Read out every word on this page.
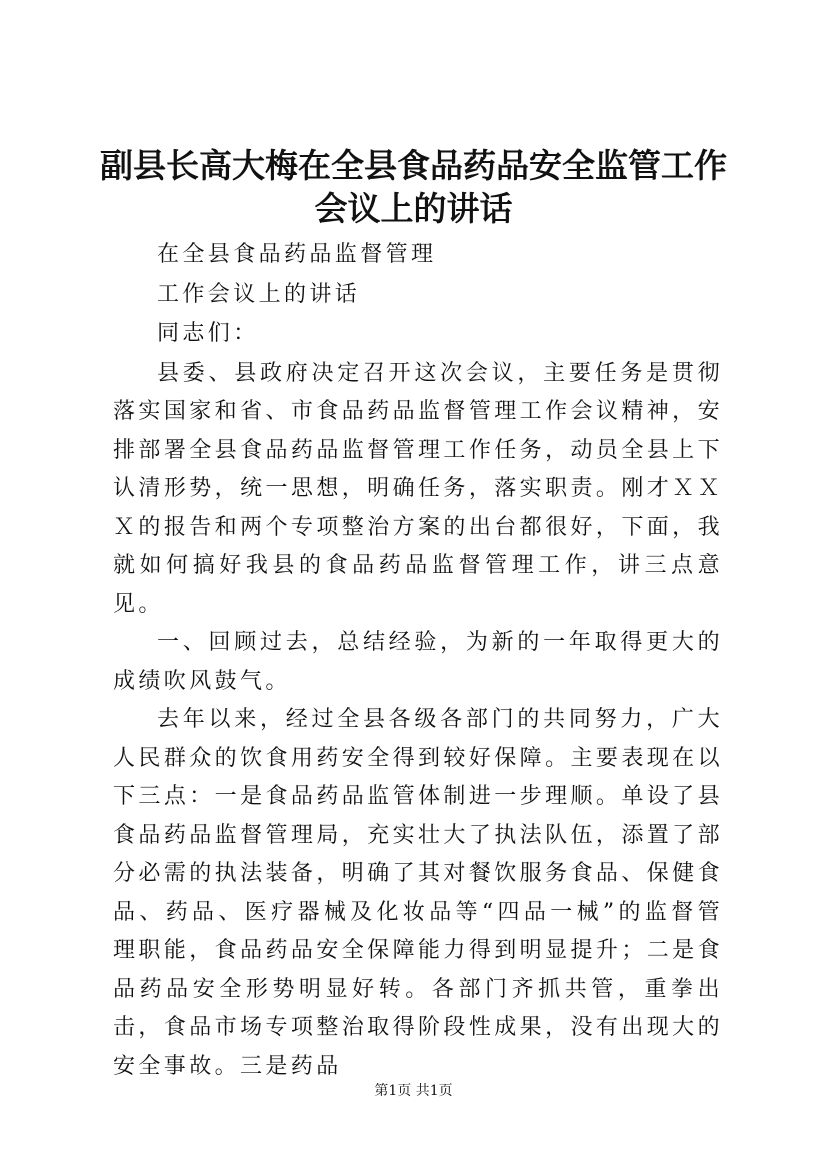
副县长高大梅在全县食品药品安全监管工作会议上的讲话

在全县食品药品监督管理

工作会议上的讲话

同志们：

县委、县政府决定召开这次会议，主要任务是贯彻落实国家和省、市食品药品监督管理工作会议精神，安排部署全县食品药品监督管理工作任务，动员全县上下认清形势，统一思想，明确任务，落实职责。刚才ＸＸＸ的报告和两个专项整治方案的出台都很好，下面，我就如何搞好我县的食品药品监督管理工作，讲三点意见。

一、回顾过去，总结经验，为新的一年取得更大的成绩吹风鼓气。

去年以来，经过全县各级各部门的共同努力，广大人民群众的饮食用药安全得到较好保障。主要表现在以下三点：一是食品药品监管体制进一步理顺。单设了县食品药品监督管理局，充实壮大了执法队伍，添置了部分必需的执法装备，明确了其对餐饮服务食品、保健食品、药品、医疗器械及化妆品等“四品一械”的监督管理职能，食品药品安全保障能力得到明显提升；二是食品药品安全形势明显好转。各部门齐抓共管，重拳出击，食品市场专项整治取得阶段性成果，没有出现大的安全事故。三是药品

第1页 共1页
